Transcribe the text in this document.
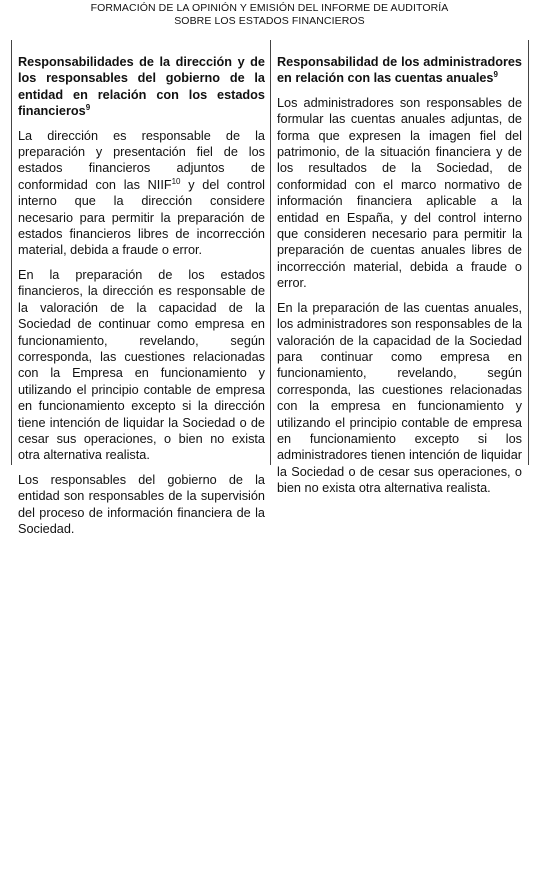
FORMACIÓN DE LA OPINIÓN Y EMISIÓN DEL INFORME DE AUDITORÍA
SOBRE LOS ESTADOS FINANCIEROS
Responsabilidades de la dirección y de los responsables del gobierno de la entidad en relación con los estados financieros$^9$

La dirección es responsable de la preparación y presentación fiel de los estados financieros adjuntos de conformidad con las NIIF$^{10}$ y del control interno que la dirección considere necesario para permitir la preparación de estados financieros libres de incorrección material, debida a fraude o error.

En la preparación de los estados financieros, la dirección es responsable de la valoración de la capacidad de la Sociedad de continuar como empresa en funcionamiento, revelando, según corresponda, las cuestiones relacionadas con la Empresa en funcionamiento y utilizando el principio contable de empresa en funcionamiento excepto si la dirección tiene intención de liquidar la Sociedad o de cesar sus operaciones, o bien no exista otra alternativa realista.

Los responsables del gobierno de la entidad son responsables de la supervisión del proceso de información financiera de la Sociedad.

Responsabilidad de los administradores en relación con las cuentas anuales$^9$

Los administradores son responsables de formular las cuentas anuales adjuntas, de forma que expresen la imagen fiel del patrimonio, de la situación financiera y de los resultados de la Sociedad, de conformidad con el marco normativo de información financiera aplicable a la entidad en España, y del control interno que consideren necesario para permitir la preparación de cuentas anuales libres de incorrección material, debida a fraude o error.

En la preparación de las cuentas anuales, los administradores son responsables de la valoración de la capacidad de la Sociedad para continuar como empresa en funcionamiento, revelando, según corresponda, las cuestiones relacionadas con la empresa en funcionamiento y utilizando el principio contable de empresa en funcionamiento excepto si los administradores tienen intención de liquidar la Sociedad o de cesar sus operaciones, o bien no exista otra alternativa realista.
